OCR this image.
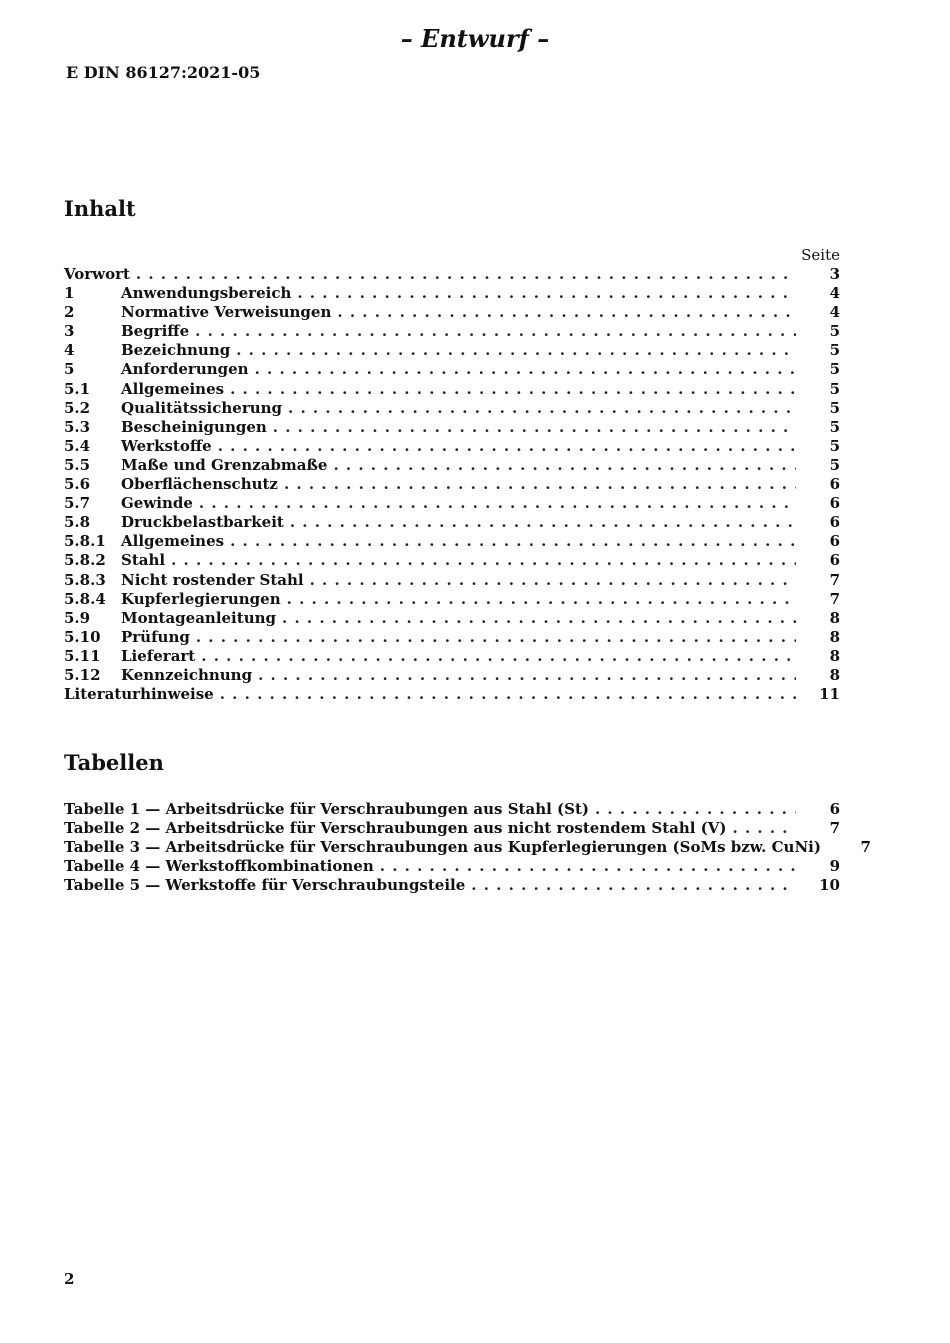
– Entwurf –
E DIN 86127:2021-05
Inhalt
Seite
Vorwort . . .	3
1	Anwendungsbereich . . .	4
2	Normative Verweisungen . . .	4
3	Begriffe . . .	5
4	Bezeichnung . . .	5
5	Anforderungen . . .	5
5.1	Allgemeines . . .	5
5.2	Qualitätssicherung . . .	5
5.3	Bescheinigungen . . .	5
5.4	Werkstoffe . . .	5
5.5	Maße und Grenzabmaße . . .	5
5.6	Oberflächenschutz . . .	6
5.7	Gewinde . . .	6
5.8	Druckbelastbarkeit . . .	6
5.8.1	Allgemeines . . .	6
5.8.2	Stahl . . .	6
5.8.3	Nicht rostender Stahl . . .	7
5.8.4	Kupferlegierungen . . .	7
5.9	Montageanleitung . . .	8
5.10	Prüfung . . .	8
5.11	Lieferart . . .	8
5.12	Kennzeichnung . . .	8
Literaturhinweise . . .	11
Tabellen
Tabelle 1 — Arbeitsdrücke für Verschraubungen aus Stahl (St) . . .	6
Tabelle 2 — Arbeitsdrücke für Verschraubungen aus nicht rostendem Stahl (V) . . .	7
Tabelle 3 — Arbeitsdrücke für Verschraubungen aus Kupferlegierungen (SoMs bzw. CuNi)	7
Tabelle 4 — Werkstoffkombinationen . . .	9
Tabelle 5 — Werkstoffe für Verschraubungsteile . . .	10
2
